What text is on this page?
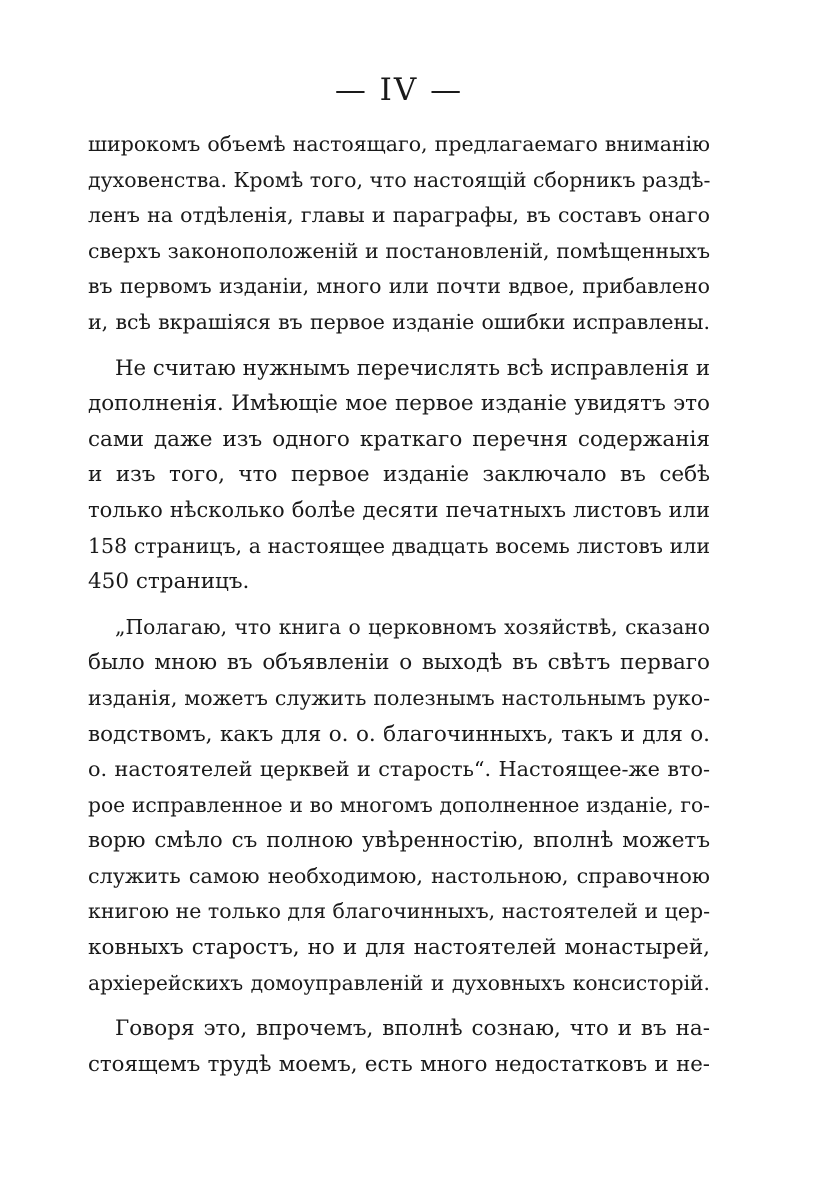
— IV —
широкомъ объемѣ настоящаго, предлагаемаго вниманію
духовенства. Кромѣ того, что настоящій сборникъ раздѣ-
ленъ на отдѣленія, главы и параграфы, въ составъ онаго
сверхъ законоположеній и постановленій, помѣщенныхъ
въ первомъ изданіи, много или почти вдвое, прибавлено
и, всѣ вкрашіяся въ первое изданіе ошибки исправлены.
Не считаю нужнымъ перечислять всѣ исправленія и
дополненія. Имѣющіе мое первое изданіе увидятъ это
сами даже изъ одного краткаго перечня содержанія
и изъ того, что первое изданіе заключало въ себѣ
только нѣсколько болѣе десяти печатныхъ листовъ или
158 страницъ, а настоящее двадцать восемь листовъ или
450 страницъ.
„Полагаю, что книга о церковномъ хозяйствѣ, сказано
было мною въ объявленіи о выходѣ въ свѣтъ перваго
изданія, можетъ служить полезнымъ настольнымъ руко-
водствомъ, какъ для о. о. благочинныхъ, такъ и для о.
о. настоятелей церквей и старость“. Настоящее-же вто-
рое исправленное и во многомъ дополненное изданіе, го-
ворю смѣло съ полною увѣренностію, вполнѣ можетъ
служить самою необходимою, настольною, справочною
книгою не только для благочинныхъ, настоятелей и цер-
ковныхъ старостъ, но и для настоятелей монастырей,
архіерейскихъ домоуправленій и духовныхъ консисторій.
Говоря это, впрочемъ, вполнѣ сознаю, что и въ на-
стоящемъ трудѣ моемъ, есть много недостатковъ и не-
